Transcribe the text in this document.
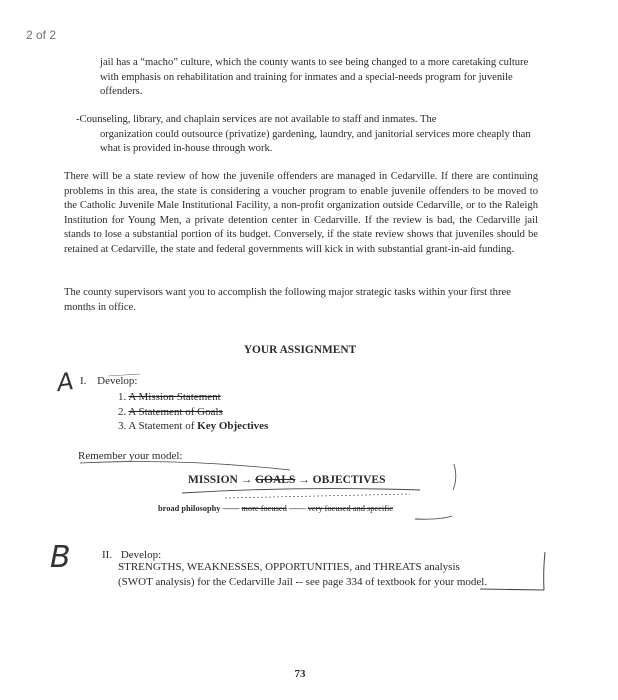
2 of 2
jail has a “macho” culture, which the county wants to see being changed to a more caretaking culture with emphasis on rehabilitation and training for inmates and a special-needs program for juvenile offenders.
-Counseling, library, and chaplain services are not available to staff and inmates. The
organization could outsource (privatize) gardening, laundry, and janitorial services more cheaply than what is provided in-house through work.
There will be a state review of how the juvenile offenders are managed in Cedarville. If there are continuing problems in this area, the state is considering a voucher program to enable juvenile offenders to be moved to the Catholic Juvenile Male Institutional Facility, a non-profit organization outside Cedarville, or to the Raleigh Institution for Young Men, a private detention center in Cedarville. If the review is bad, the Cedarville jail stands to lose a substantial portion of its budget. Conversely, if the state review shows that juveniles should be retained at Cedarville, the state and federal governments will kick in with substantial grant-in-aid funding.
The county supervisors want you to accomplish the following major strategic tasks within your first three months in office.
YOUR ASSIGNMENT
A I. Develop:
1. A Mission Statement
2. A Statement of Goals
3. A Statement of Key Objectives
Remember your model:
MISSION → GOALS → OBJECTIVES
broad philosophy ―― more focused ―― very focused and specific
B	II. Develop:
STRENGTHS, WEAKNESSES, OPPORTUNITIES, and THREATS analysis
(SWOT analysis) for the Cedarville Jail -- see page 334 of textbook for your model.
73
